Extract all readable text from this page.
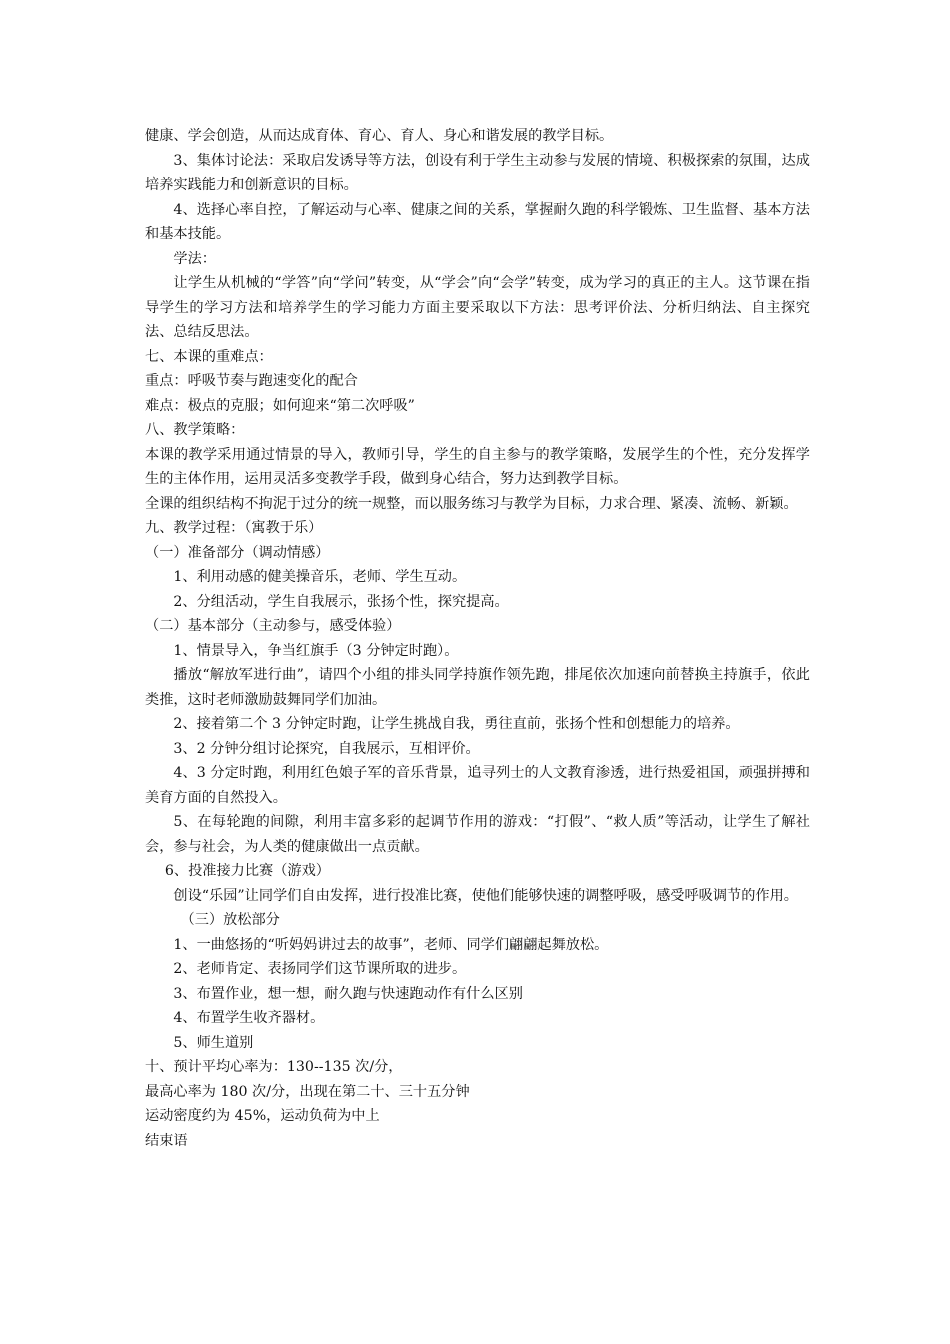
健康、学会创造，从而达成育体、育心、育人、身心和谐发展的教学目标。

3、集体讨论法：采取启发诱导等方法，创设有利于学生主动参与发展的情境、积极探索的氛围，达成培养实践能力和创新意识的目标。

4、选择心率自控，了解运动与心率、健康之间的关系，掌握耐久跑的科学锻炼、卫生监督、基本方法和基本技能。

学法：

让学生从机械的“学答”向“学问”转变，从“学会”向“会学”转变，成为学习的真正的主人。这节课在指导学生的学习方法和培养学生的学习能力方面主要采取以下方法：思考评价法、分析归纳法、自主探究法、总结反思法。

七、本课的重难点：

重点：呼吸节奏与跑速变化的配合

难点：极点的克服；如何迎来“第二次呼吸”

八、教学策略：

本课的教学采用通过情景的导入，教师引导，学生的自主参与的教学策略，发展学生的个性，充分发挥学生的主体作用，运用灵活多变教学手段，做到身心结合，努力达到教学目标。

全课的组织结构不拘泥于过分的统一规整，而以服务练习与教学为目标，力求合理、紧凑、流畅、新颖。

九、教学过程：（寓教于乐）

（一）准备部分（调动情感）

1、利用动感的健美操音乐，老师、学生互动。

2、分组活动，学生自我展示，张扬个性，探究提高。

（二）基本部分（主动参与，感受体验）

1、情景导入，争当红旗手（3 分钟定时跑）。

播放“解放军进行曲”，请四个小组的排头同学持旗作领先跑，排尾依次加速向前替换主持旗手，依此类推，这时老师激励鼓舞同学们加油。

2、接着第二个 3 分钟定时跑，让学生挑战自我，勇往直前，张扬个性和创想能力的培养。

3、2 分钟分组讨论探究，自我展示，互相评价。

4、3 分定时跑，利用红色娘子军的音乐背景，追寻列士的人文教育渗透，进行热爱祖国，顽强拼搏和美育方面的自然投入。

5、在每轮跑的间隙，利用丰富多彩的起调节作用的游戏：“打假”、“救人质”等活动，让学生了解社会，参与社会，为人类的健康做出一点贡献。

6、投准接力比赛（游戏）

创设“乐园”让同学们自由发挥，进行投准比赛，使他们能够快速的调整呼吸，感受呼吸调节的作用。

（三）放松部分

1、一曲悠扬的“听妈妈讲过去的故事”，老师、同学们翩翩起舞放松。

2、老师肯定、表扬同学们这节课所取的进步。

3、布置作业，想一想，耐久跑与快速跑动作有什么区别

4、布置学生收齐器材。

5、师生道别

十、预计平均心率为：130--135 次/分，

最高心率为 180 次/分，出现在第二十、三十五分钟

运动密度约为 45%，运动负荷为中上

结束语
